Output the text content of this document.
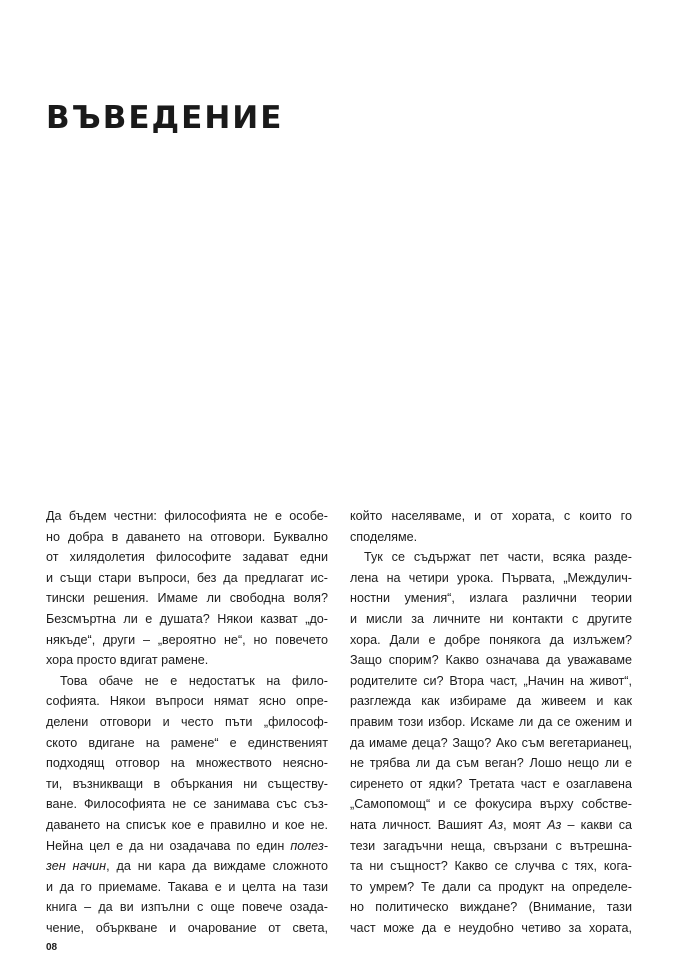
ВЪВЕДЕНИЕ
Да бъдем честни: философията не е особе-
но добра в даването на отговори. Буквално
от хилядолетия философите задават едни
и същи стари въпроси, без да предлагат ис-
тински решения. Имаме ли свободна воля?
Безсмъртна ли е душата? Някои казват „до-
някъде“, други – „вероятно не“, но повечето
хора просто вдигат рамене.
Това обаче не е недостатък на фило-
софията. Някои въпроси нямат ясно опре-
делени отговори и често пъти „философ-
ското вдигане на рамене“ е единственият
подходящ отговор на множеството неясно-
ти, възникващи в объркания ни съществу-
ване. Философията не се занимава със съз-
даването на списък кое е правилно и кое не.
Нейна цел е да ни озадачава по един полез-
зен начин, да ни кара да виждаме сложното
и да го приемаме. Такава е и целта на тази
книга – да ви изпълни с още повече озада-
чение, объркване и очарование от света,
който населяваме, и от хората, с които го
споделяме.
Тук се съдържат пет части, всяка разде-
лена на четири урока. Първата, „Междулич-
ностни умения“, излага различни теории
и мисли за личните ни контакти с другите
хора. Дали е добре понякога да излъжем?
Защо спорим? Какво означава да уважаваме
родителите си? Втора част, „Начин на живот“,
разглежда как избираме да живеем и как
правим този избор. Искаме ли да се оженим и
да имаме деца? Защо? Ако съм вегетарианец,
не трябва ли да съм веган? Лошо нещо ли е
сиренето от ядки? Третата част е озаглавена
„Самопомощ“ и се фокусира върху собстве-
ната личност. Вашият Аз, моят Аз – какви са
тези загадъчни неща, свързани с вътрешна-
та ни същност? Какво се случва с тях, кога-
то умрем? Те дали са продукт на определе-
но политическо виждане? (Внимание, тази
част може да е неудобно четиво за хората,
08
